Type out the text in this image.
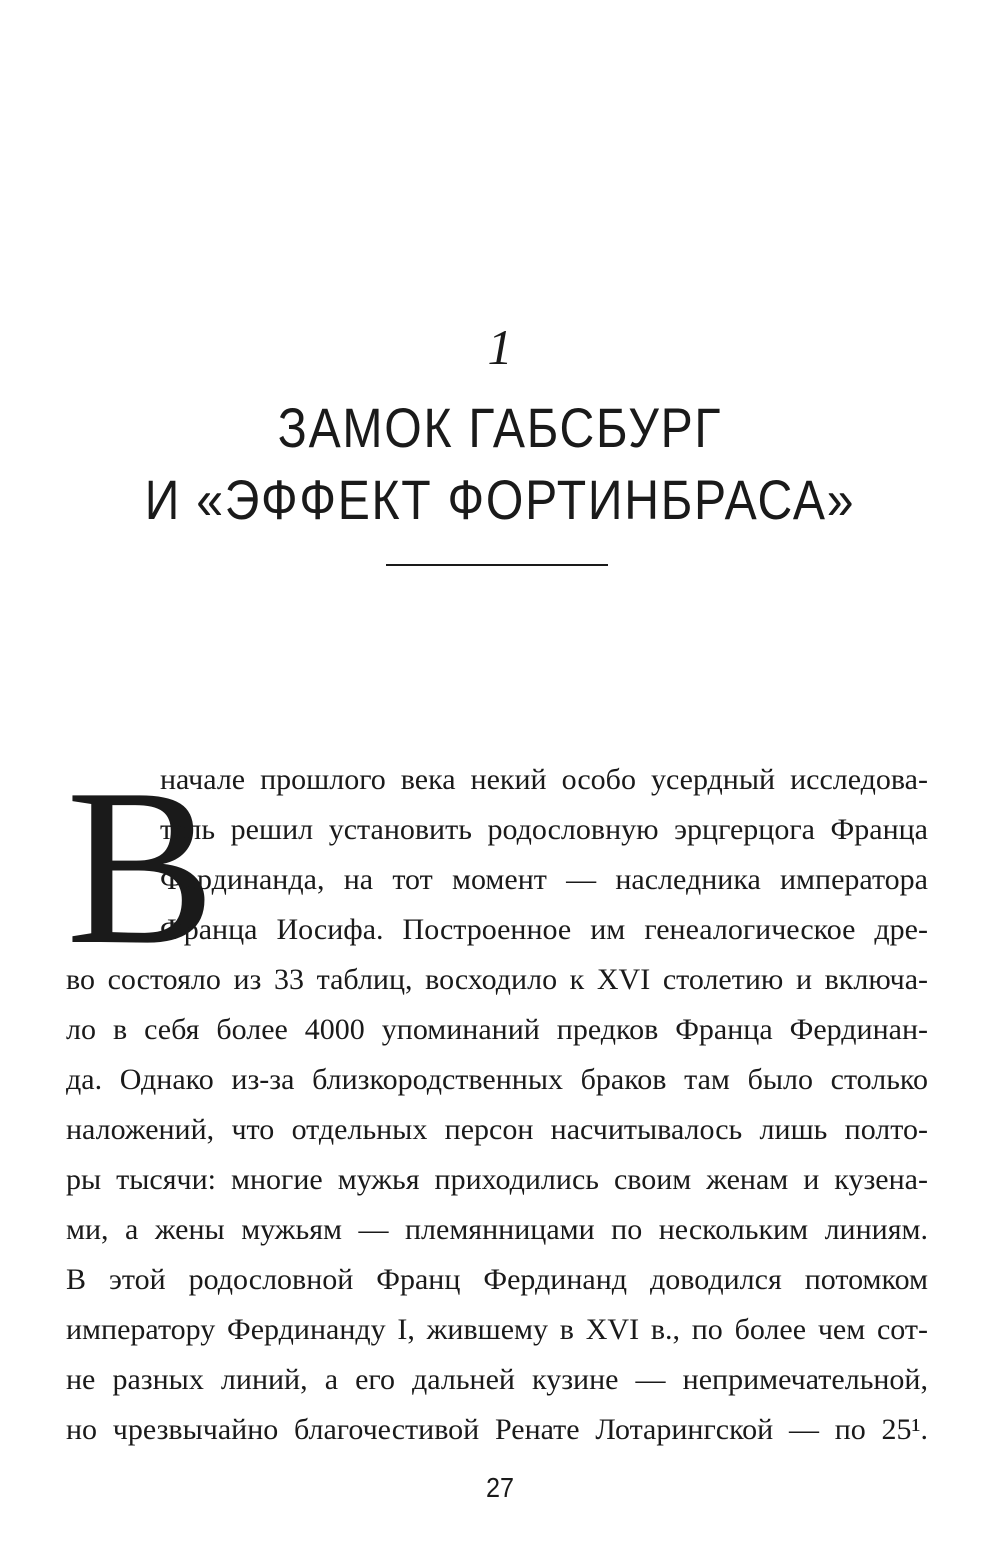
1
ЗАМОК ГАБСБУРГ
И «ЭФФЕКТ ФОРТИНБРАСА»
В
начале прошлого века некий особо усердный исследова-
тель решил установить родословную эрцгерцога Франца
Фердинанда, на тот момент — наследника императора
Франца Иосифа. Построенное им генеалогическое дре-
во состояло из 33 таблиц, восходило к XVI столетию и включа-
ло в себя более 4000 упоминаний предков Франца Фердинан-
да. Однако из-за близкородственных браков там было столько
наложений, что отдельных персон насчитывалось лишь полто-
ры тысячи: многие мужья приходились своим женам и кузена-
ми, а жены мужьям — племянницами по нескольким линиям.
В этой родословной Франц Фердинанд доводился потомком
императору Фердинанду I, жившему в XVI в., по более чем сот-
не разных линий, а его дальней кузине — непримечательной,
но чрезвычайно благочестивой Ренате Лотарингской — по 25¹.
27
